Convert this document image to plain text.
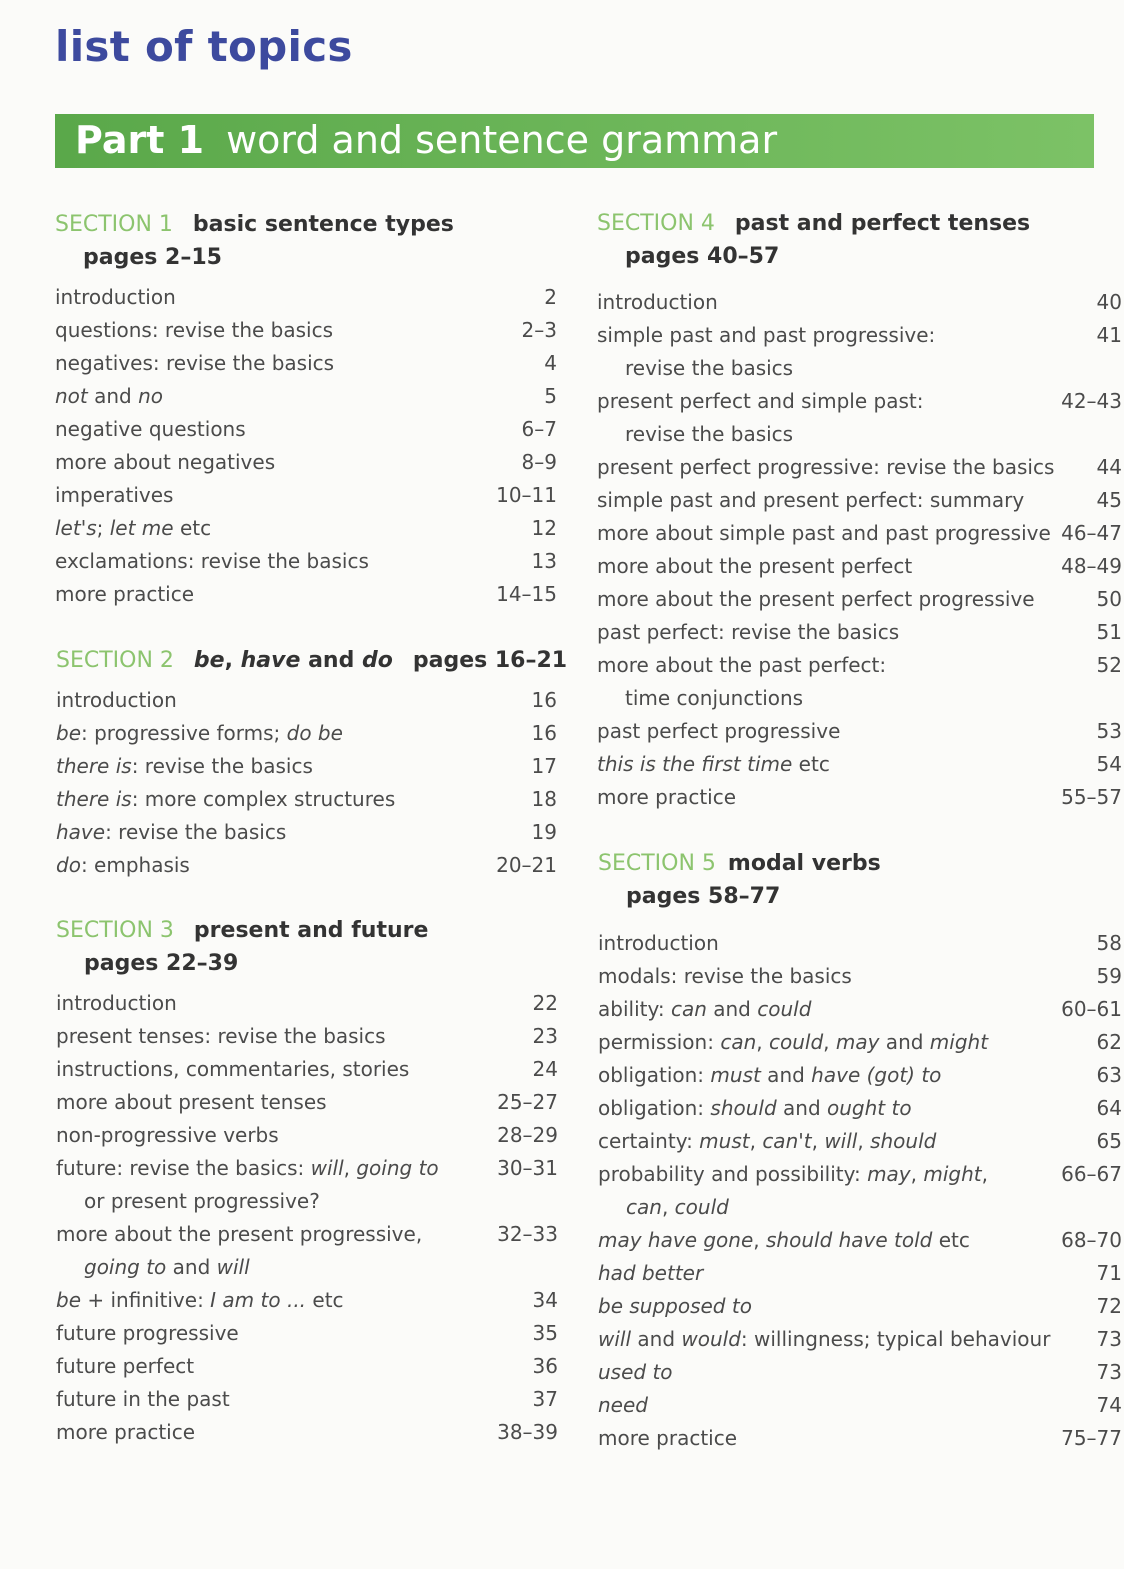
list of topics
Part 1 word and sentence grammar
SECTION 1 basic sentence types
pages 2–15
introduction	2
questions: revise the basics	2–3
negatives: revise the basics	4
not and no	5
negative questions	6–7
more about negatives	8–9
imperatives	10–11
let's; let me etc	12
exclamations: revise the basics	13
more practice	14–15
SECTION 2 be, have and do pages 16–21
introduction	16
be: progressive forms; do be	16
there is: revise the basics	17
there is: more complex structures	18
have: revise the basics	19
do: emphasis	20–21
SECTION 3 present and future
pages 22–39
introduction	22
present tenses: revise the basics	23
instructions, commentaries, stories	24
more about present tenses	25–27
non-progressive verbs	28–29
future: revise the basics: will, going to
or present progressive?
30–31
more about the present progressive,
going to and will
32–33
be + infinitive: I am to ... etc	34
future progressive	35
future perfect	36
future in the past	37
more practice	38–39
SECTION 4 past and perfect tenses
pages 40–57
introduction	40
simple past and past progressive:
revise the basics
41
present perfect and simple past:
revise the basics
42–43
present perfect progressive: revise the basics 44
simple past and present perfect: summary	45
more about simple past and past progressive 46–47
more about the present perfect	48–49
more about the present perfect progressive	50
past perfect: revise the basics	51
more about the past perfect:
time conjunctions
52
past perfect progressive	53
this is the first time etc	54
more practice	55–57
SECTION 5 modal verbs
pages 58–77
introduction	58
modals: revise the basics	59
ability: can and could	60–61
permission: can, could, may and might	62
obligation: must and have (got) to	63
obligation: should and ought to	64
certainty: must, can't, will, should	65
probability and possibility: may, might,
can, could
66–67
may have gone, should have told etc	68–70
had better	71
be supposed to	72
will and would: willingness; typical behaviour 73
used to	73
need	74
more practice	75–77
